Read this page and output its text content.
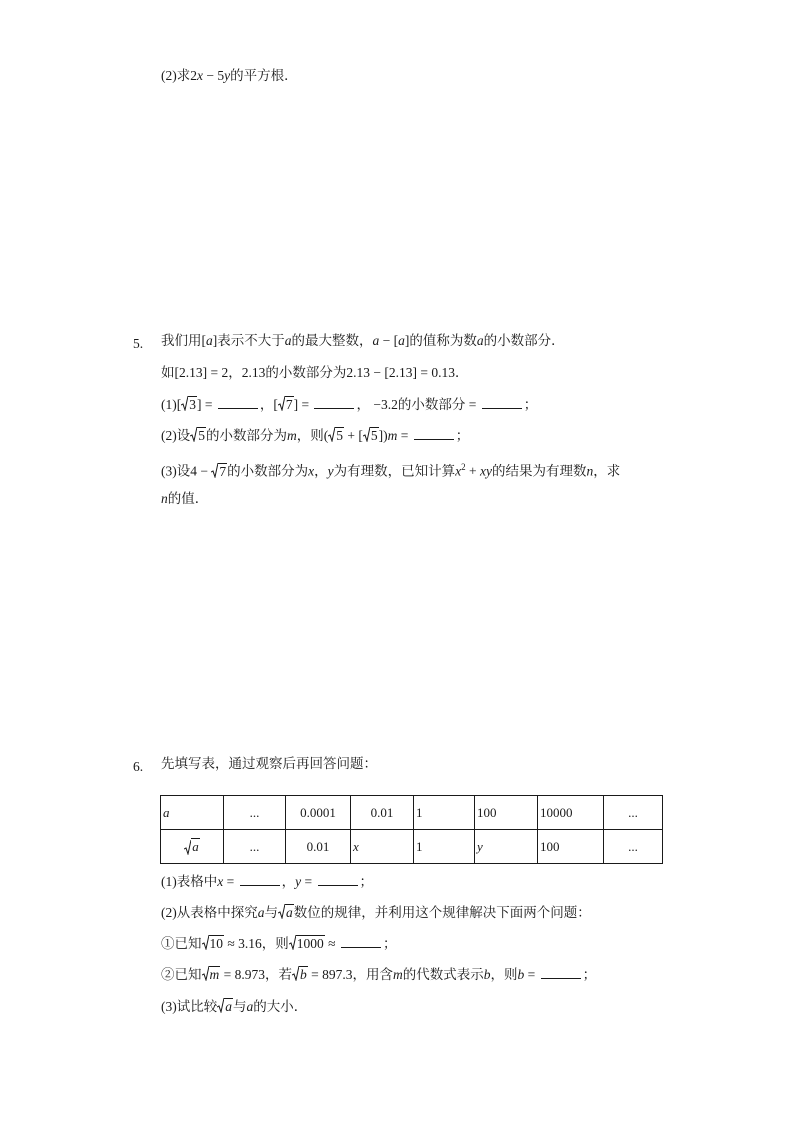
(2)求2x − 5y的平方根．
5. 我们用[a]表示不大于a的最大整数，a − [a]的值称为数a的小数部分．
如[2.13] = 2，2.13的小数部分为2.13 − [2.13] = 0.13．
(1)[ 3] =	，[ 7] =	， −3.2的小数部分 =	；
(2)设 5的小数部分为m，则( 5 + [ 5])m =	；
(3)设4 − 7的小数部分为x，y为有理数，已知计算$x^2$ + xy的结果为有理数n，求
n的值．
6. 先填写表，通过观察后再回答问题：
a	...	0.0001	0.01	1	100	10000	...
a	...	0.01	x	1	y	100	...
(1)表格中x =	，y =	；
(2)从表格中探究a与 a数位的规律，并利用这个规律解决下面两个问题：
①已知 10 ≈ 3.16，则 1000 ≈	；
②已知 m = 8.973，若 b = 897.3，用含m的代数式表示b，则b =	；
(3)试比较 a与a的大小．
